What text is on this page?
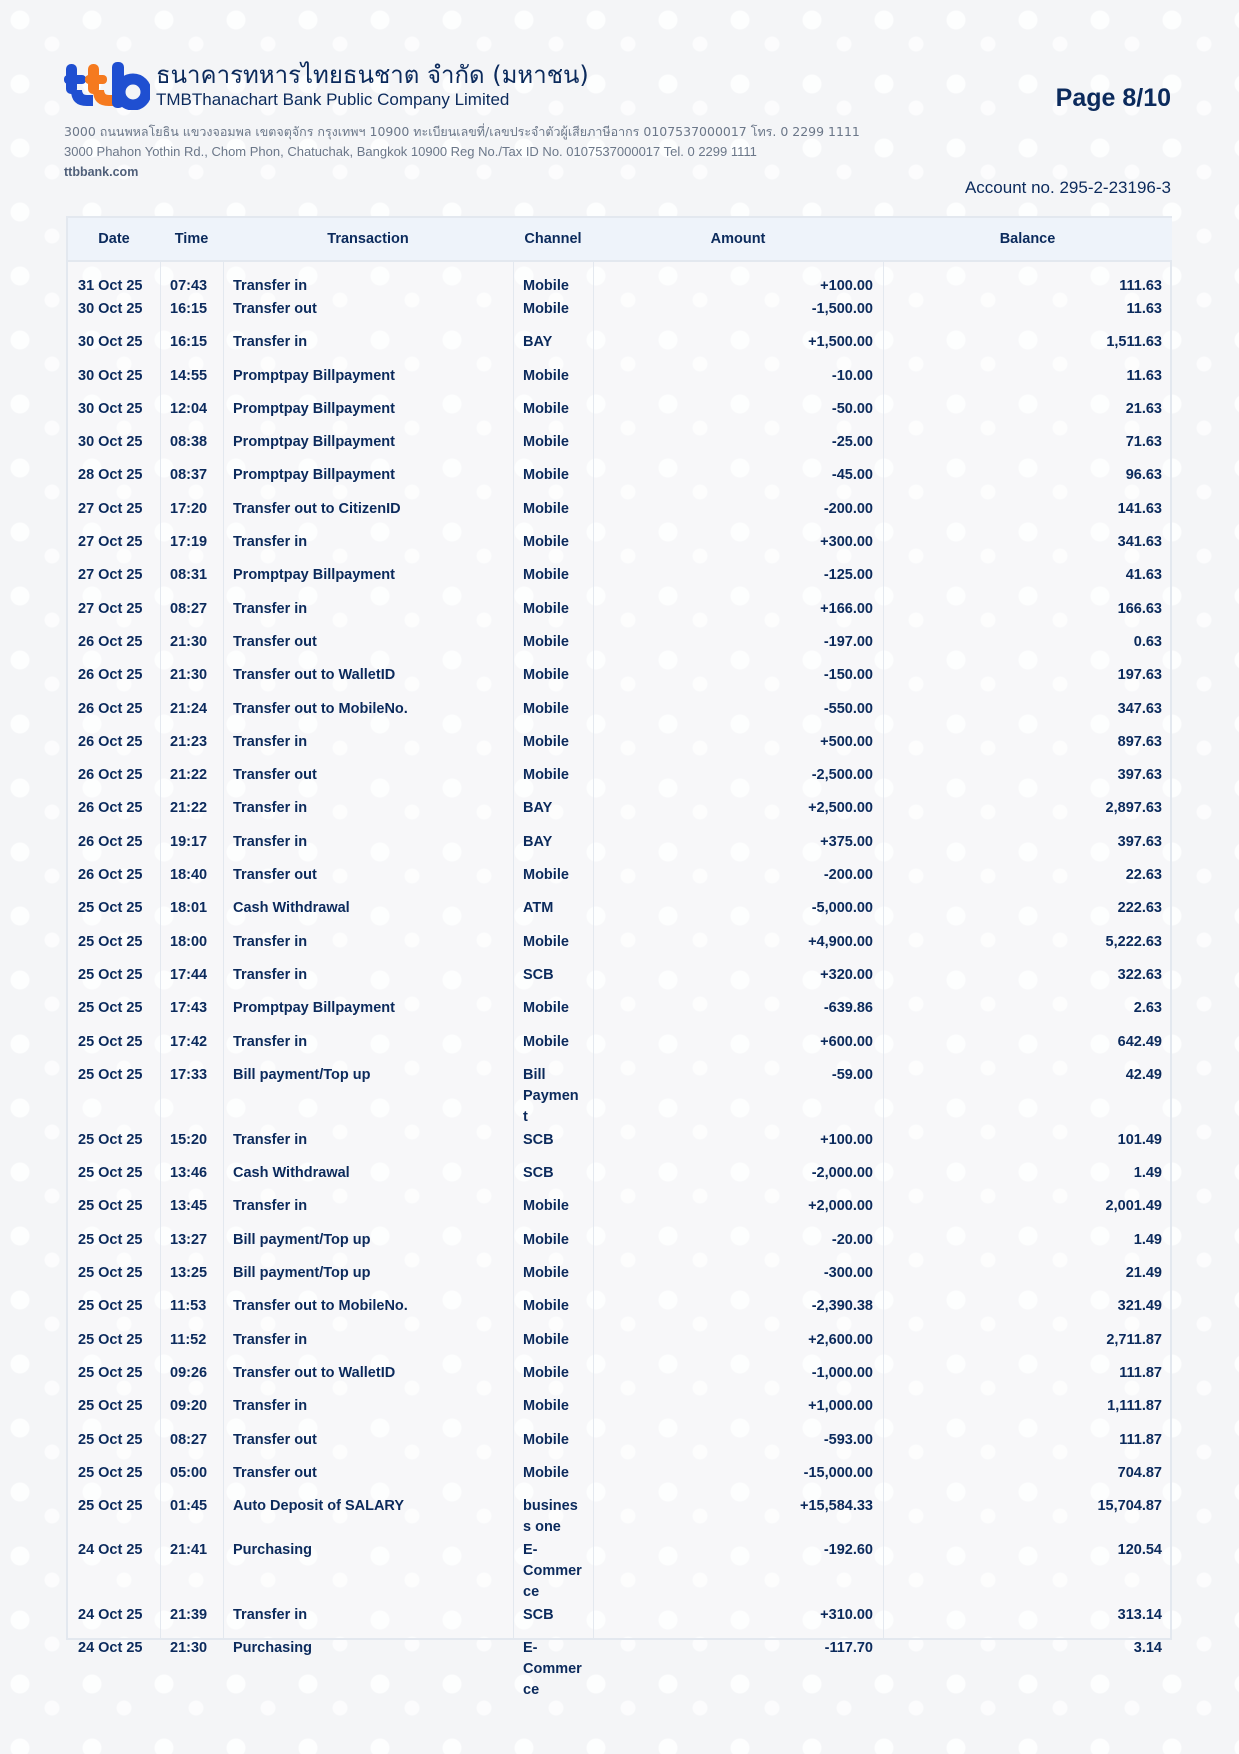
ธนาคารทหารไทยธนชาต จำกัด (มหาชน)
TMBThanachart Bank Public Company Limited	Page 8/10
3000 ถนนพหลโยธิน แขวงจอมพล เขตจตุจักร กรุงเทพฯ 10900 ทะเบียนเลขที่/เลขประจำตัวผู้เสียภาษีอากร 0107537000017 โทร. 0 2299 1111
3000 Phahon Yothin Rd., Chom Phon, Chatuchak, Bangkok 10900 Reg No./Tax ID No. 0107537000017 Tel. 0 2299 1111
ttbbank.com
Account no. 295-2-23196-3
Date	Time	Transaction	Channel	Amount	Balance
31 Oct 25	07:43	Transfer in	Mobile	+100.00	111.63
30 Oct 25	16:15	Transfer out	Mobile	-1,500.00	11.63
30 Oct 25	16:15	Transfer in	BAY	+1,500.00	1,511.63
30 Oct 25	14:55	Promptpay Billpayment	Mobile	-10.00	11.63
30 Oct 25	12:04	Promptpay Billpayment	Mobile	-50.00	21.63
30 Oct 25	08:38	Promptpay Billpayment	Mobile	-25.00	71.63
28 Oct 25	08:37	Promptpay Billpayment	Mobile	-45.00	96.63
27 Oct 25	17:20	Transfer out to CitizenID	Mobile	-200.00	141.63
27 Oct 25	17:19	Transfer in	Mobile	+300.00	341.63
27 Oct 25	08:31	Promptpay Billpayment	Mobile	-125.00	41.63
27 Oct 25	08:27	Transfer in	Mobile	+166.00	166.63
26 Oct 25	21:30	Transfer out	Mobile	-197.00	0.63
26 Oct 25	21:30	Transfer out to WalletID	Mobile	-150.00	197.63
26 Oct 25	21:24	Transfer out to MobileNo.	Mobile	-550.00	347.63
26 Oct 25	21:23	Transfer in	Mobile	+500.00	897.63
26 Oct 25	21:22	Transfer out	Mobile	-2,500.00	397.63
26 Oct 25	21:22	Transfer in	BAY	+2,500.00	2,897.63
26 Oct 25	19:17	Transfer in	BAY	+375.00	397.63
26 Oct 25	18:40	Transfer out	Mobile	-200.00	22.63
25 Oct 25	18:01	Cash Withdrawal	ATM	-5,000.00	222.63
25 Oct 25	18:00	Transfer in	Mobile	+4,900.00	5,222.63
25 Oct 25	17:44	Transfer in	SCB	+320.00	322.63
25 Oct 25	17:43	Promptpay Billpayment	Mobile	-639.86	2.63
25 Oct 25	17:42	Transfer in	Mobile	+600.00	642.49
25 Oct 25	17:33	Bill payment/Top up	Bill Payment	-59.00	42.49
25 Oct 25	15:20	Transfer in	SCB	+100.00	101.49
25 Oct 25	13:46	Cash Withdrawal	SCB	-2,000.00	1.49
25 Oct 25	13:45	Transfer in	Mobile	+2,000.00	2,001.49
25 Oct 25	13:27	Bill payment/Top up	Mobile	-20.00	1.49
25 Oct 25	13:25	Bill payment/Top up	Mobile	-300.00	21.49
25 Oct 25	11:53	Transfer out to MobileNo.	Mobile	-2,390.38	321.49
25 Oct 25	11:52	Transfer in	Mobile	+2,600.00	2,711.87
25 Oct 25	09:26	Transfer out to WalletID	Mobile	-1,000.00	111.87
25 Oct 25	09:20	Transfer in	Mobile	+1,000.00	1,111.87
25 Oct 25	08:27	Transfer out	Mobile	-593.00	111.87
25 Oct 25	05:00	Transfer out	Mobile	-15,000.00	704.87
25 Oct 25	01:45	Auto Deposit of SALARY	business one	+15,584.33	15,704.87
24 Oct 25	21:41	Purchasing	E-Commerce	-192.60	120.54
24 Oct 25	21:39	Transfer in	SCB	+310.00	313.14
24 Oct 25	21:30	Purchasing	E-Commerce	-117.70	3.14
